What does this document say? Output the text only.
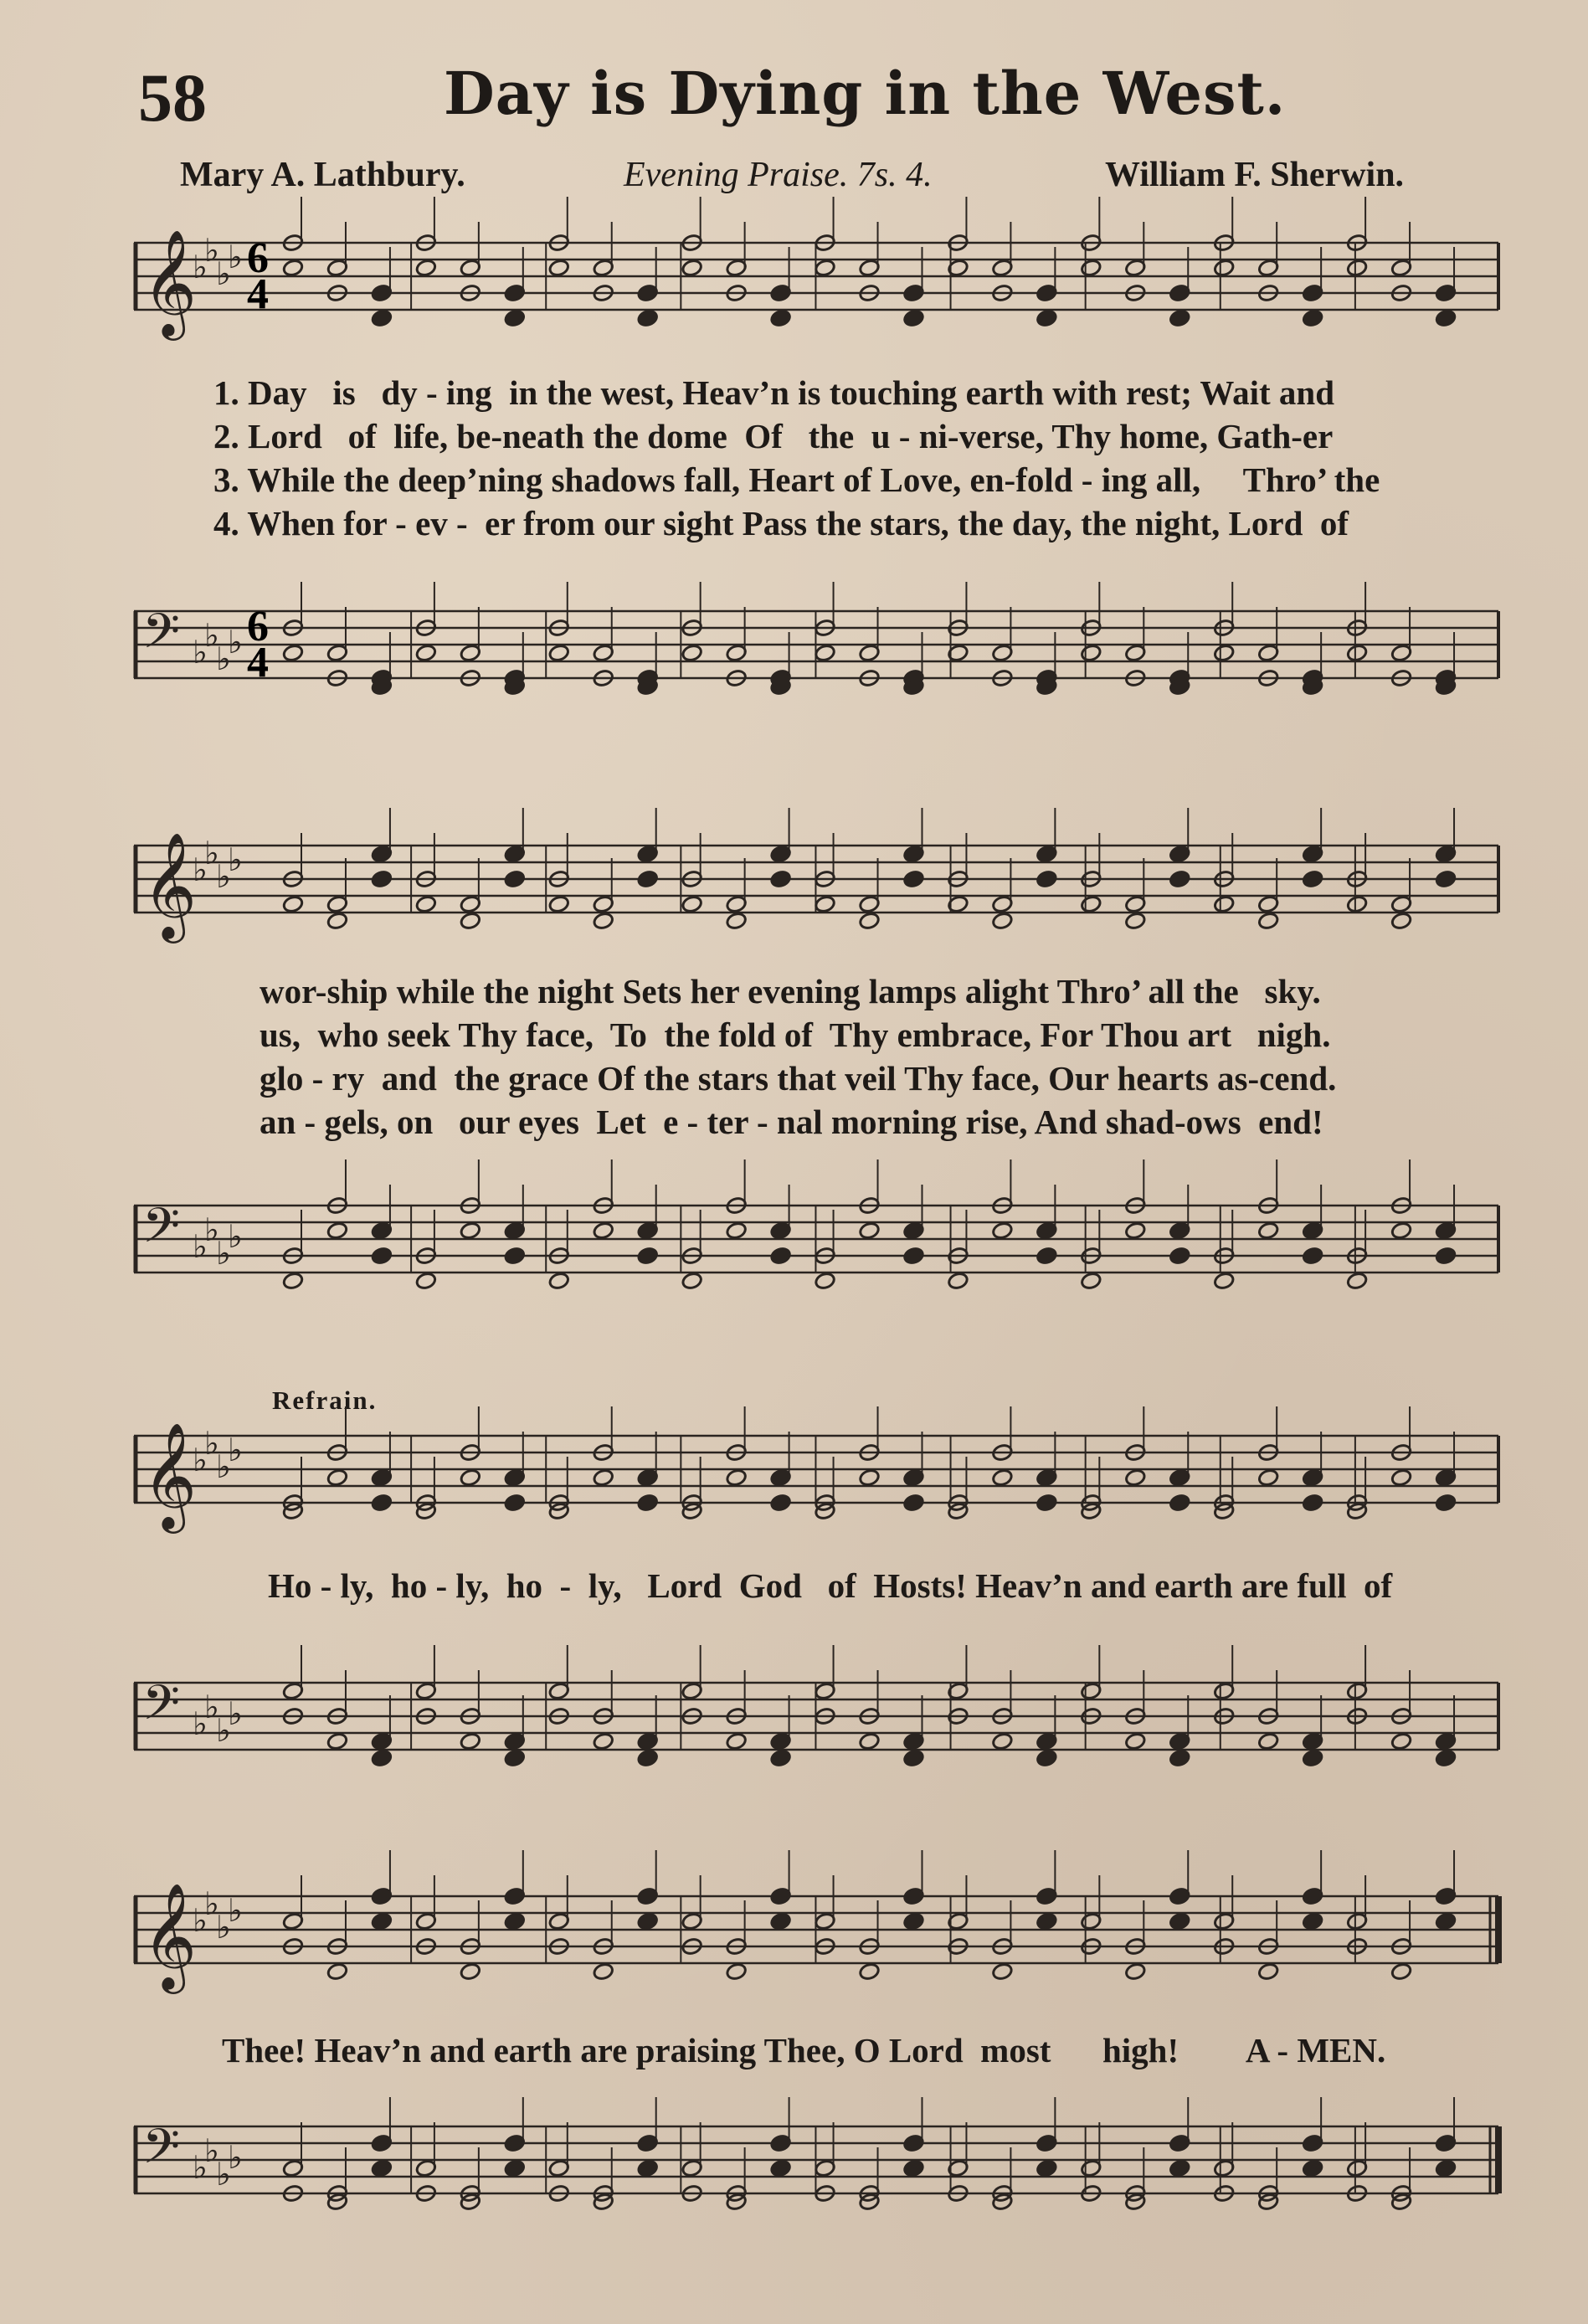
58	Day is Dying in the West.
Mary A. Lathbury.	Evening Praise. 7s. 4.	William F. Sherwin.
𝄞
♭
♭
♭
♭ 6
4
1. Day   is   dy - ing  in the west, Heav’n is touching earth with rest; Wait and
2. Lord   of  life, be-neath the dome  Of   the  u - ni-verse, Thy home, Gath-er
3. While the deep’ning shadows fall, Heart of Love, en-fold - ing all,     Thro’ the
4. When for - ev -  er from our sight Pass the stars, the day, the night, Lord  of
𝄢 ♭
♭
♭
♭ 6
4
𝄞
♭
♭
♭
♭
wor-ship while the night Sets her evening lamps alight Thro’ all the   sky.
us,  who seek Thy face,  To  the fold of  Thy embrace, For Thou art   nigh.
glo - ry  and  the grace Of the stars that veil Thy face, Our hearts as-cend.
an - gels, on   our eyes  Let  e - ter - nal morning rise, And shad-ows  end!
𝄢 ♭
♭
♭
♭
Refrain.
𝄞
♭
♭
♭
♭
Ho - ly,  ho - ly,  ho  -  ly,   Lord  God   of  Hosts! Heav’n and earth are full  of
𝄢 ♭
♭
♭
♭
𝄞
♭
♭
♭
♭
Thee! Heav’n and earth are praising Thee, O Lord  most      high!        A - MEN.
𝄢 ♭
♭
♭
♭
